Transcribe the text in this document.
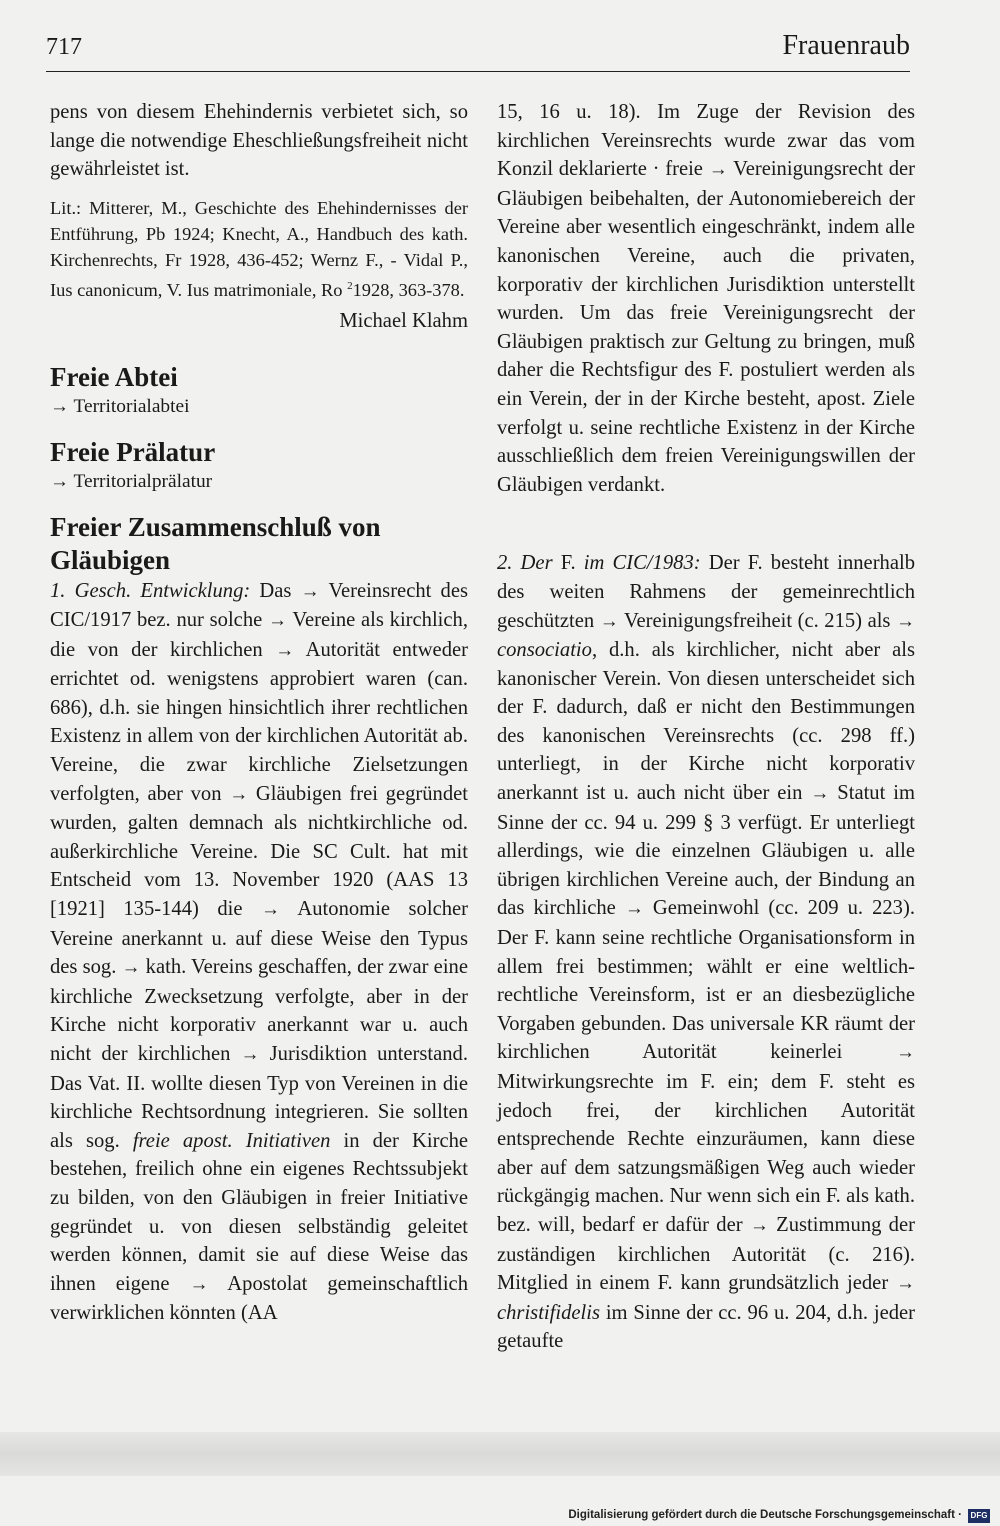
717	Frauenraub

pens von diesem Ehehindernis verbietet sich, so lange die notwendige Eheschließungsfreiheit nicht gewährleistet ist.

Lit.: Mitterer, M., Geschichte des Ehehindernisses der Entführung, Pb 1924; Knecht, A., Handbuch des kath. Kirchenrechts, Fr 1928, 436-452; Wernz F., - Vidal P., Ius canonicum, V. Ius matrimoniale, Ro $^2$1928, 363-378.

Michael Klahm

Freie Abtei

→ Territorialabtei

Freie Prälatur

→ Territorialprälatur

Freier Zusammenschluß von Gläubigen

1. Gesch. Entwicklung: Das → Vereinsrecht des CIC/1917 bez. nur solche → Vereine als kirchlich, die von der kirchlichen → Autorität entweder errichtet od. wenigstens approbiert waren (can. 686), d.h. sie hingen hinsichtlich ihrer rechtlichen Existenz in allem von der kirchlichen Autorität ab. Vereine, die zwar kirchliche Zielsetzungen verfolgten, aber von → Gläubigen frei gegründet wurden, galten demnach als nichtkirchliche od. außerkirchliche Vereine. Die SC Cult. hat mit Entscheid vom 13. November 1920 (AAS 13 [1921] 135-144) die → Autonomie solcher Vereine anerkannt u. auf diese Weise den Typus des sog. → kath. Vereins geschaffen, der zwar eine kirchliche Zwecksetzung verfolgte, aber in der Kirche nicht korporativ anerkannt war u. auch nicht der kirchlichen → Jurisdiktion unterstand. Das Vat. II. wollte diesen Typ von Vereinen in die kirchliche Rechtsordnung integrieren. Sie sollten als sog. freie apost. Initiativen in der Kirche bestehen, freilich ohne ein eigenes Rechtssubjekt zu bilden, von den Gläubigen in freier Initiative gegründet u. von diesen selbständig geleitet werden können, damit sie auf diese Weise das ihnen eigene → Apostolat gemeinschaftlich verwirklichen könnten (AA

15, 16 u. 18). Im Zuge der Revision des kirchlichen Vereinsrechts wurde zwar das vom Konzil deklarierte · freie → Vereinigungsrecht der Gläubigen beibehalten, der Autonomiebereich der Vereine aber wesentlich eingeschränkt, indem alle kanonischen Vereine, auch die privaten, korporativ der kirchlichen Jurisdiktion unterstellt wurden. Um das freie Vereinigungsrecht der Gläubigen praktisch zur Geltung zu bringen, muß daher die Rechtsfigur des F. postuliert werden als ein Verein, der in der Kirche besteht, apost. Ziele verfolgt u. seine rechtliche Existenz in der Kirche ausschließlich dem freien Vereinigungswillen der Gläubigen verdankt.

2. Der F. im CIC/1983: Der F. besteht innerhalb des weiten Rahmens der gemeinrechtlich geschützten → Vereinigungsfreiheit (c. 215) als → consociatio, d.h. als kirchlicher, nicht aber als kanonischer Verein. Von diesen unterscheidet sich der F. dadurch, daß er nicht den Bestimmungen des kanonischen Vereinsrechts (cc. 298 ff.) unterliegt, in der Kirche nicht korporativ anerkannt ist u. auch nicht über ein → Statut im Sinne der cc. 94 u. 299 § 3 verfügt. Er unterliegt allerdings, wie die einzelnen Gläubigen u. alle übrigen kirchlichen Vereine auch, der Bindung an das kirchliche → Gemeinwohl (cc. 209 u. 223). Der F. kann seine rechtliche Organisationsform in allem frei bestimmen; wählt er eine weltlich-rechtliche Vereinsform, ist er an diesbezügliche Vorgaben gebunden. Das universale KR räumt der kirchlichen Autorität keinerlei	→ Mitwirkungsrechte im F. ein; dem F. steht es jedoch frei, der kirchlichen Autorität entsprechende Rechte einzuräumen, kann diese aber auf dem satzungsmäßigen Weg auch wieder rückgängig machen. Nur wenn sich ein F. als kath. bez. will, bedarf er dafür der → Zustimmung der zuständigen kirchlichen Autorität (c. 216). Mitglied in einem F. kann grundsätzlich jeder → christifidelis im Sinne der cc. 96 u. 204, d.h. jeder getaufte

Digitalisierung gefördert durch die Deutsche Forschungsgemeinschaft ·	DFG
